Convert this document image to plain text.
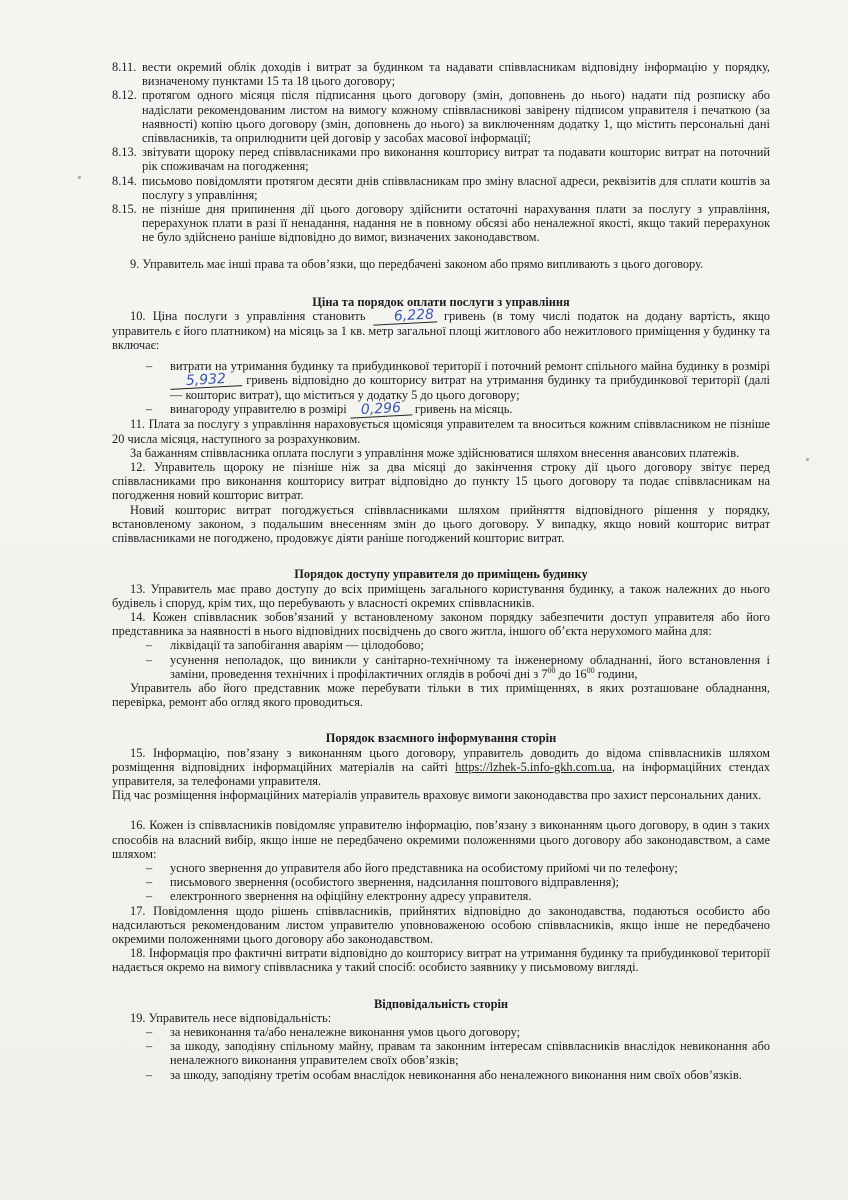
8.11. вести окремий облік доходів і витрат за будинком та надавати співвласникам відповідну інформацію у порядку, визначеному пунктами 15 та 18 цього договору;
8.12. протягом одного місяця після підписання цього договору (змін, доповнень до нього) надати під розписку або надіслати рекомендованим листом на вимогу кожному співвласникові завірену підписом управителя і печаткою (за наявності) копію цього договору (змін, доповнень до нього) за виключенням додатку 1, що містить персональні дані співвласників, та оприлюднити цей договір у засобах масової інформації;
8.13. звітувати щороку перед співвласниками про виконання кошторису витрат та подавати кошторис витрат на поточний рік споживачам на погодження;
8.14. письмово повідомляти протягом десяти днів співвласникам про зміну власної адреси, реквізитів для сплати коштів за послугу з управління;
8.15. не пізніше дня припинення дії цього договору здійснити остаточні нарахування плати за послугу з управління, перерахунок плати в разі її ненадання, надання не в повному обсязі або неналежної якості, якщо такий перерахунок не було здійснено раніше відповідно до вимог, визначених законодавством.

9. Управитель має інші права та обов’язки, що передбачені законом або прямо випливають з цього договору.

Ціна та порядок оплати послуги з управління

10. Ціна послуги з управління становить 6,228 гривень (в тому числі податок на додану вартість, якщо управитель є його платником) на місяць за 1 кв. метр загальної площі житлового або нежитлового приміщення у будинку та включає:

–	витрати на утримання будинку та прибудинкової території і поточний ремонт спільного майна будинку в розмірі 5,932 гривень відповідно до кошторису витрат на утримання будинку та прибудинкової території (далі — кошторис витрат), що міститься у додатку 5 до цього договору;
–	винагороду управителю в розмірі 0,296 гривень на місяць.

11. Плата за послугу з управління нараховується щомісяця управителем та вноситься кожним співвласником не пізніше 20 числа місяця, наступного за розрахунковим.

За бажанням співвласника оплата послуги з управління може здійснюватися шляхом внесення авансових платежів.

12. Управитель щороку не пізніше ніж за два місяці до закінчення строку дії цього договору звітує перед співвласниками про виконання кошторису витрат відповідно до пункту 15 цього договору та подає співвласникам на погодження новий кошторис витрат.

Новий кошторис витрат погоджується співвласниками шляхом прийняття відповідного рішення у порядку, встановленому законом, з подальшим внесенням змін до цього договору. У випадку, якщо новий кошторис витрат співвласниками не погоджено, продовжує діяти раніше погоджений кошторис витрат.

Порядок доступу управителя до приміщень будинку

13. Управитель має право доступу до всіх приміщень загального користування будинку, а також належних до нього будівель і споруд, крім тих, що перебувають у власності окремих співвласників.

14. Кожен співвласник зобов’язаний у встановленому законом порядку забезпечити доступ управителя або його представника за наявності в нього відповідних посвідчень до свого житла, іншого об’єкта нерухомого майна для:

–	ліквідації та запобігання аваріям — цілодобово;
–	усунення неполадок, що виникли у санітарно-технічному та інженерному обладнанні, його встановлення і заміни, проведення технічних і профілактичних оглядів в робочі дні з $7^{00}$ до $16^{00}$ години,

Управитель або його представник може перебувати тільки в тих приміщеннях, в яких розташоване обладнання, перевірка, ремонт або огляд якого проводиться.

Порядок взаємного інформування сторін

15. Інформацію, пов’язану з виконанням цього договору, управитель доводить до відома співвласників шляхом розміщення відповідних інформаційних матеріалів на сайті https://lzhek-5.info-gkh.com.ua, на інформаційних стендах управителя, за телефонами управителя.

Під час розміщення інформаційних матеріалів управитель враховує вимоги законодавства про захист персональних даних.

16. Кожен із співвласників повідомляє управителю інформацію, пов’язану з виконанням цього договору, в один з таких способів на власний вибір, якщо інше не передбачено окремими положеннями цього договору або законодавством, а саме шляхом:

–	усного звернення до управителя або його представника на особистому прийомі чи по телефону;
–	письмового звернення (особистого звернення, надсилання поштового відправлення);
–	електронного звернення на офіційну електронну адресу управителя.

17. Повідомлення щодо рішень співвласників, прийнятих відповідно до законодавства, подаються особисто або надсилаються рекомендованим листом управителю уповноваженою особою співвласників, якщо інше не передбачено окремими положеннями цього договору або законодавством.

18. Інформація про фактичні витрати відповідно до кошторису витрат на утримання будинку та прибудинкової території надається окремо на вимогу співвласника у такий спосіб: особисто заявнику у письмовому вигляді.

Відповідальність сторін

19. Управитель несе відповідальність:

–	за невиконання та/або неналежне виконання умов цього договору;
–	за шкоду, заподіяну спільному майну, правам та законним інтересам співвласників внаслідок невиконання або неналежного виконання управителем своїх обов’язків;
–	за шкоду, заподіяну третім особам внаслідок невиконання або неналежного виконання ним своїх обов’язків.
